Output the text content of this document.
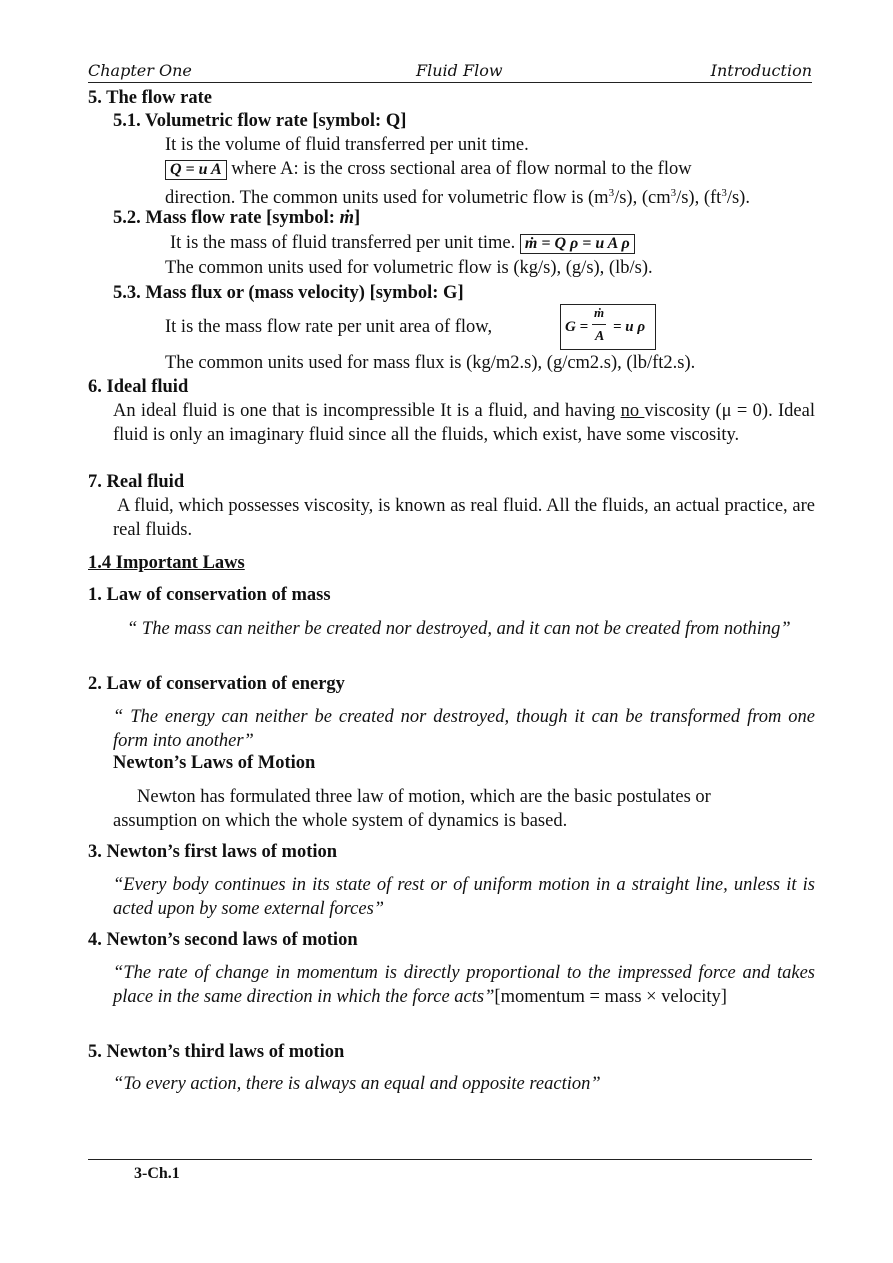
Chapter One	Fluid Flow	Introduction
5. The flow rate
5.1. Volumetric flow rate [symbol: Q]
It is the volume of fluid transferred per unit time.
Q = u A where A: is the cross sectional area of flow normal to the flow
direction. The common units used for volumetric flow is $(m^3/s)$, $(cm^3/s)$, $(ft^3/s)$.
5.2. Mass flow rate [symbol: ṁ]
It is the mass of fluid transferred per unit time. ṁ = Q ρ = u A ρ
The common units used for volumetric flow is (kg/s), (g/s), (lb/s).
5.3. Mass flux or (mass velocity) [symbol: G]
It is the mass flow rate per unit area of flow,	G =
ṁ
A
= u ρ
The common units used for mass flux is (kg/m2.s), (g/cm2.s), (lb/ft2.s).
6. Ideal fluid
An ideal fluid is one that is incompressible It is a fluid, and having no viscosity (μ = 0). Ideal fluid is only an imaginary fluid since all the fluids, which exist, have some viscosity.
7. Real fluid
A fluid, which possesses viscosity, is known as real fluid. All the fluids, an actual practice, are real fluids.
1.4 Important Laws
1. Law of conservation of mass
“ The mass can neither be created nor destroyed, and it can not be created from nothing”
2. Law of conservation of energy
“ The energy can neither be created nor destroyed, though it can be transformed from one form into another”
Newton’s Laws of Motion
Newton has formulated three law of motion, which are the basic postulates or assumption on which the whole system of dynamics is based.
3. Newton’s first laws of motion
“Every body continues in its state of rest or of uniform motion in a straight line, unless it is acted upon by some external forces”
4. Newton’s second laws of motion
“The rate of change in momentum is directly proportional to the impressed force and takes place in the same direction in which the force acts”[momentum = mass × velocity]
5. Newton’s third laws of motion
“To every action, there is always an equal and opposite reaction”
3-Ch.1
